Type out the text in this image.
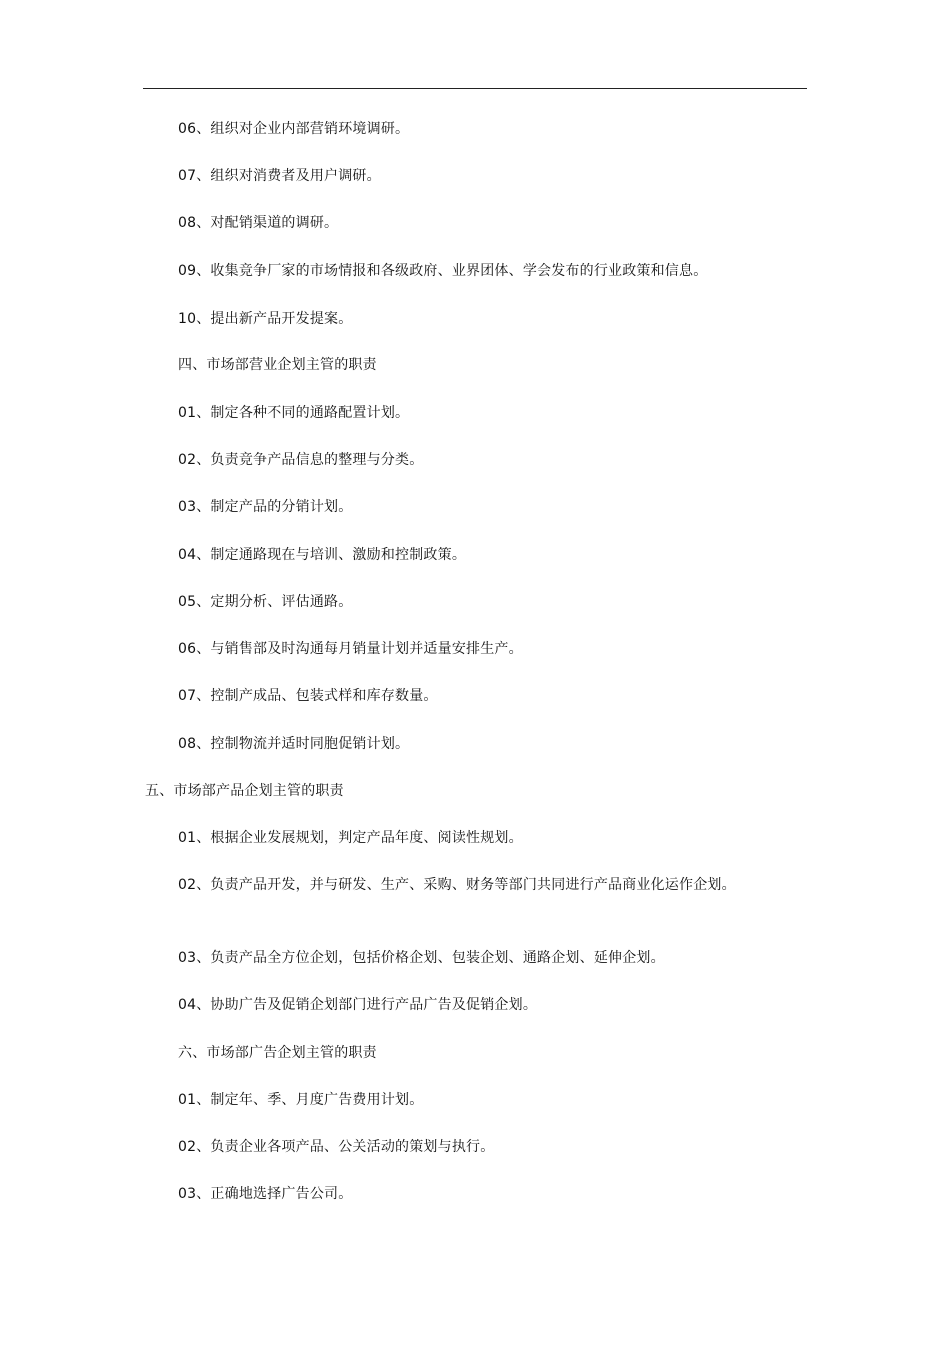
06、组织对企业内部营销环境调研。
07、组织对消费者及用户调研。
08、对配销渠道的调研。
09、收集竞争厂家的市场情报和各级政府、业界团体、学会发布的行业政策和信息。
10、提出新产品开发提案。
四、市场部营业企划主管的职责
01、制定各种不同的通路配置计划。
02、负责竞争产品信息的整理与分类。
03、制定产品的分销计划。
04、制定通路现在与培训、激励和控制政策。
05、定期分析、评估通路。
06、与销售部及时沟通每月销量计划并适量安排生产。
07、控制产成品、包装式样和库存数量。
08、控制物流并适时同胞促销计划。
五、市场部产品企划主管的职责
01、根据企业发展规划，判定产品年度、阅读性规划。
02、负责产品开发，并与研发、生产、采购、财务等部门共同进行产品商业化运作企划。
03、负责产品全方位企划，包括价格企划、包装企划、通路企划、延伸企划。
04、协助广告及促销企划部门进行产品广告及促销企划。
六、市场部广告企划主管的职责
01、制定年、季、月度广告费用计划。
02、负责企业各项产品、公关活动的策划与执行。
03、正确地选择广告公司。
